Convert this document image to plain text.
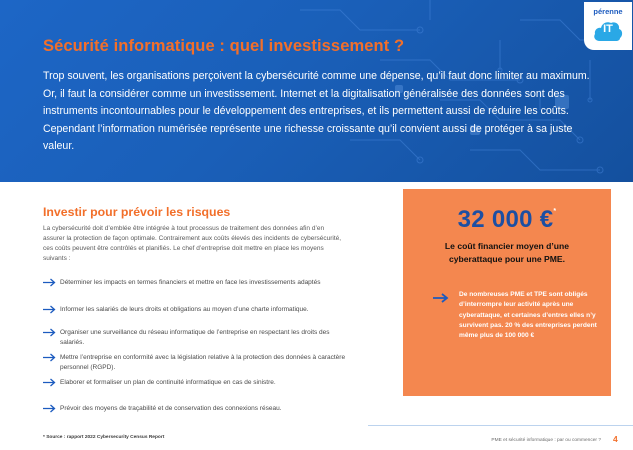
Sécurité informatique : quel investissement ?
Trop souvent, les organisations perçoivent la cybersécurité comme une dépense, qu’il faut donc limiter au maximum. Or, il faut la considérer comme un investissement. Internet et la digitalisation généralisée des données sont des instruments incontournables pour le développement des entreprises, et ils permettent aussi de réduire les coûts. Cependant l’information numérisée représente une richesse croissante qu’il convient aussi de protéger à sa juste valeur.
pérenne
IT
Investir pour prévoir les risques
La cybersécurité doit d’emblée être intégrée à tout processus de traitement des données afin d’en assurer la protection de façon optimale. Contrairement aux coûts élevés des incidents de cybersécurité, ces coûts peuvent être contrôlés et planifiés. Le chef d’entreprise doit mettre en place les moyens suivants :
Déterminer les impacts en termes financiers et mettre en face les investissements adaptés
Informer les salariés de leurs droits et obligations au moyen d’une charte informatique.
Organiser une surveillance du réseau informatique de l’entreprise en respectant les droits des salariés.
Mettre l’entreprise en conformité avec la législation relative à la protection des données à caractère personnel (RGPD).
Elaborer et formaliser un plan de continuité informatique en cas de sinistre.
Prévoir des moyens de traçabilité et de conservation des connexions réseau.
* Source : rapport 2022 Cybersecurity Census Report
32 000 €*
Le coût financier moyen d’une cyberattaque pour une PME.
De nombreuses PME et TPE sont obligés d’interrompre leur activité après une cyberattaque, et certaines d’entres elles n’y survivent pas. 20 % des entreprises perdent même plus de 100 000 €
PME et sécurité informatique : par ou commencer ? 4
